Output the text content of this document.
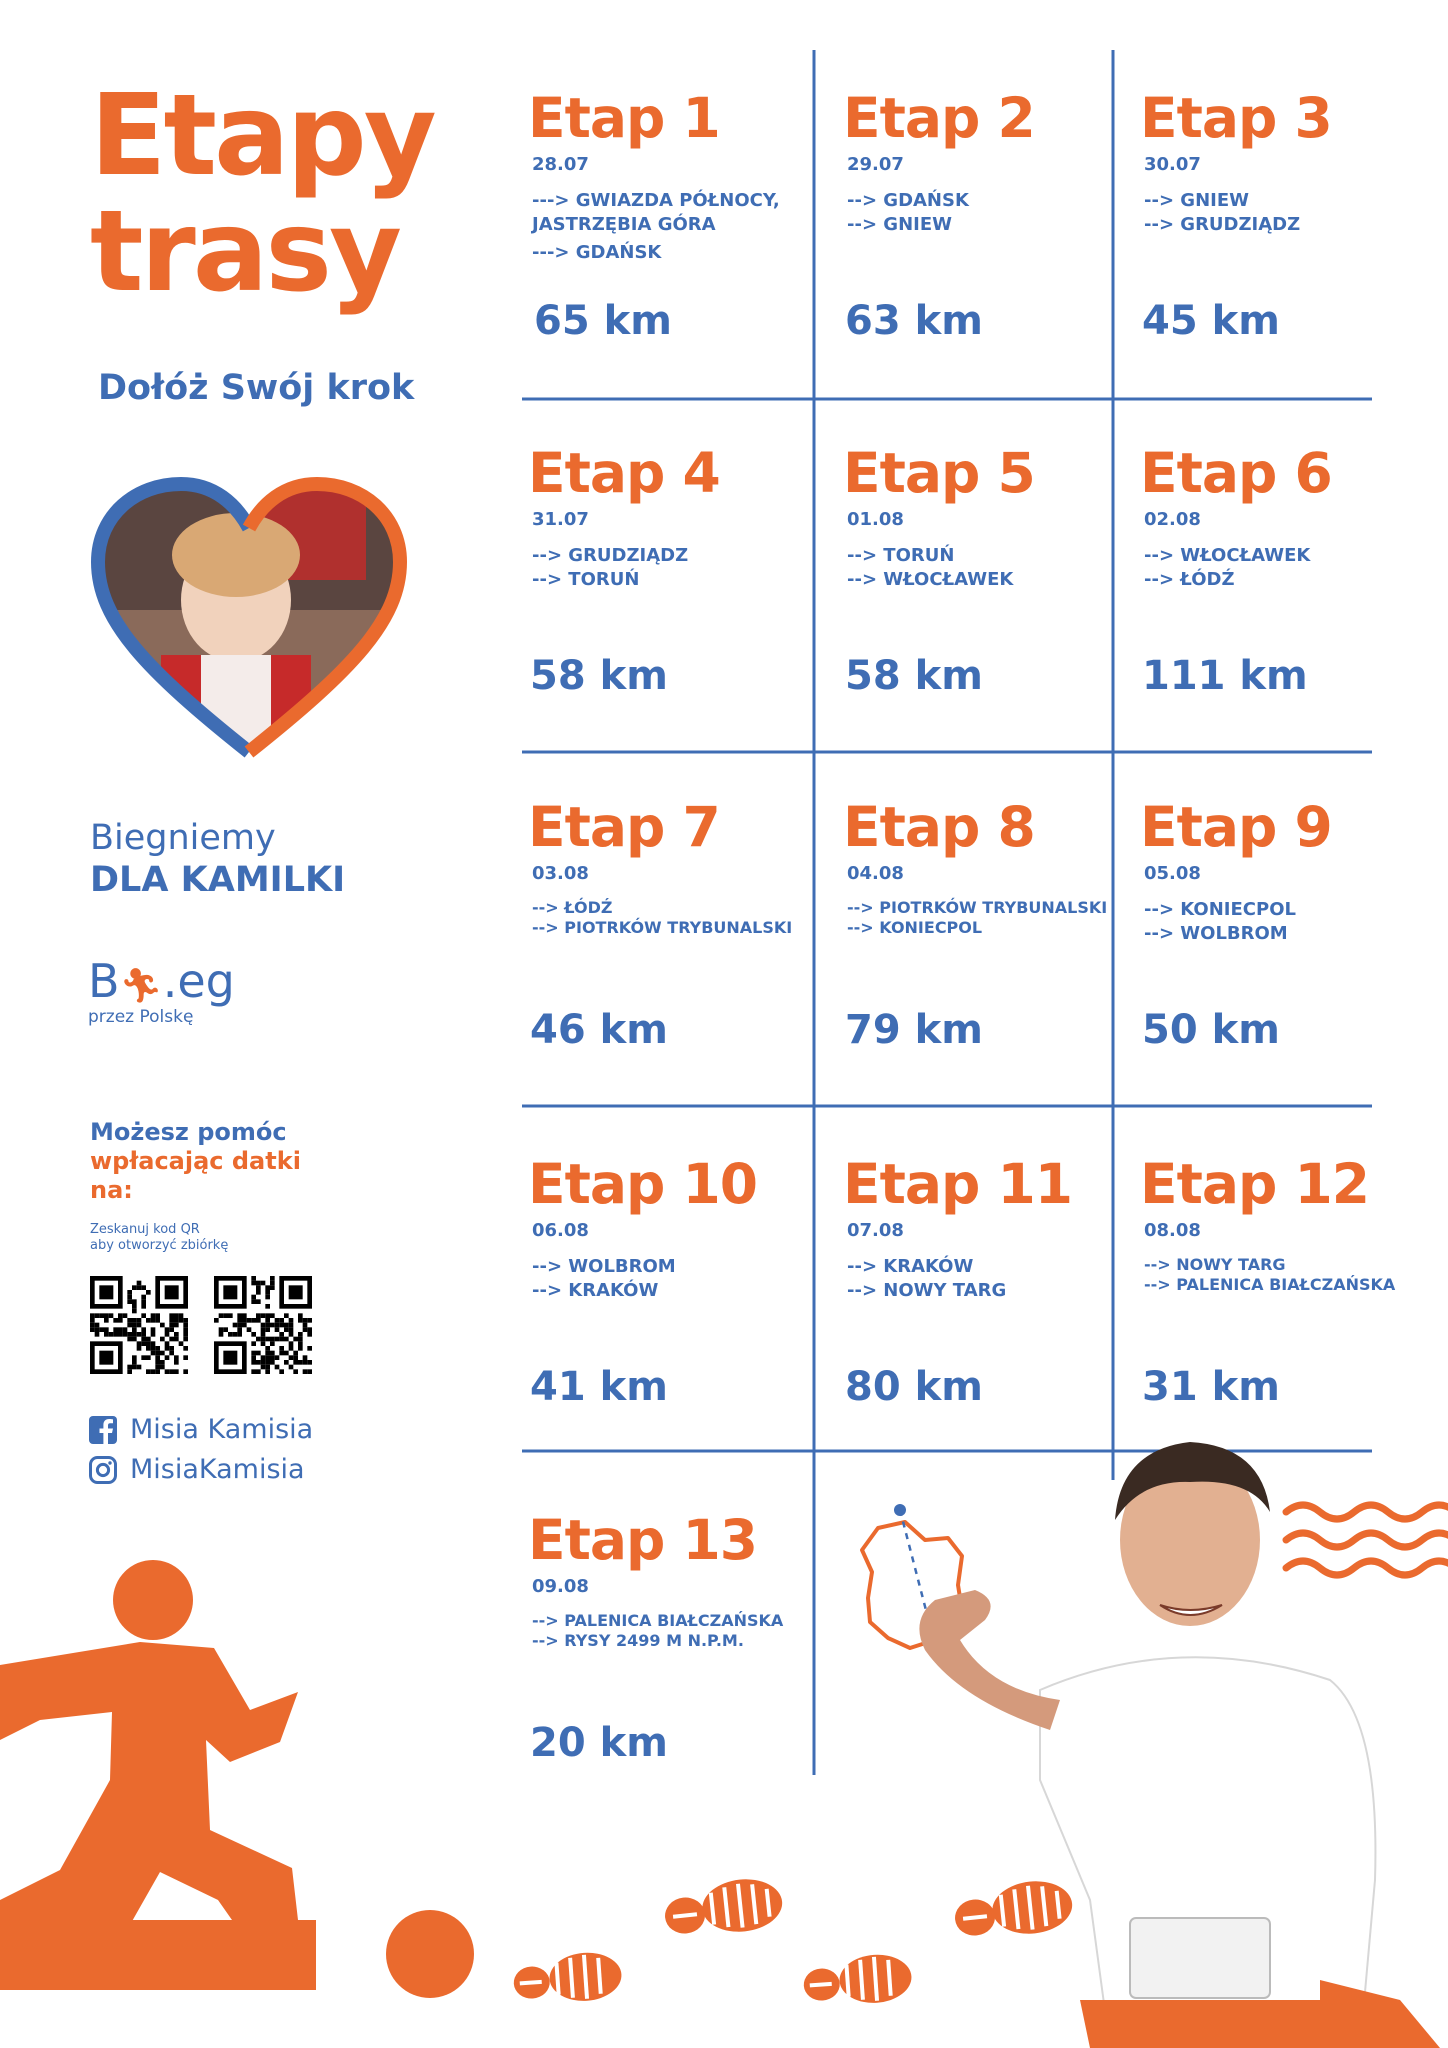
Etapy
trasy
Dołóż Swój krok
Biegniemy
DLA KAMILKI
B🏃︎.eg
przez Polskę
Możesz pomóc
wpłacając datki
na:
Zeskanuj kod QR
aby otworzyć zbiórkę
Misia Kamisia
MisiaKamisia
Etap 1
28.07
---> GWIAZDA PÓŁNOCY,
JASTRZĘBIA GÓRA
---> GDAŃSK
65 km
Etap 2
29.07
--> GDAŃSK
--> GNIEW
63 km
Etap 3
30.07
--> GNIEW
--> GRUDZIĄDZ
45 km
Etap 4
31.07
--> GRUDZIĄDZ
--> TORUŃ
58 km
Etap 5
01.08
--> TORUŃ
--> WŁOCŁAWEK
58 km
Etap 6
02.08
--> WŁOCŁAWEK
--> ŁÓDŹ
111 km
Etap 7
03.08
--> ŁÓDŹ
--> PIOTRKÓW TRYBUNALSKI
46 km
Etap 8
04.08
--> PIOTRKÓW TRYBUNALSKI
--> KONIECPOL
79 km
Etap 9
05.08
--> KONIECPOL
--> WOLBROM
50 km
Etap 10
06.08
--> WOLBROM
--> KRAKÓW
41 km
Etap 11
07.08
--> KRAKÓW
--> NOWY TARG
80 km
Etap 12
08.08
--> NOWY TARG
--> PALENICA BIAŁCZAŃSKA
31 km
Etap 13
09.08
--> PALENICA BIAŁCZAŃSKA
--> RYSY 2499 M N.P.M.
20 km
